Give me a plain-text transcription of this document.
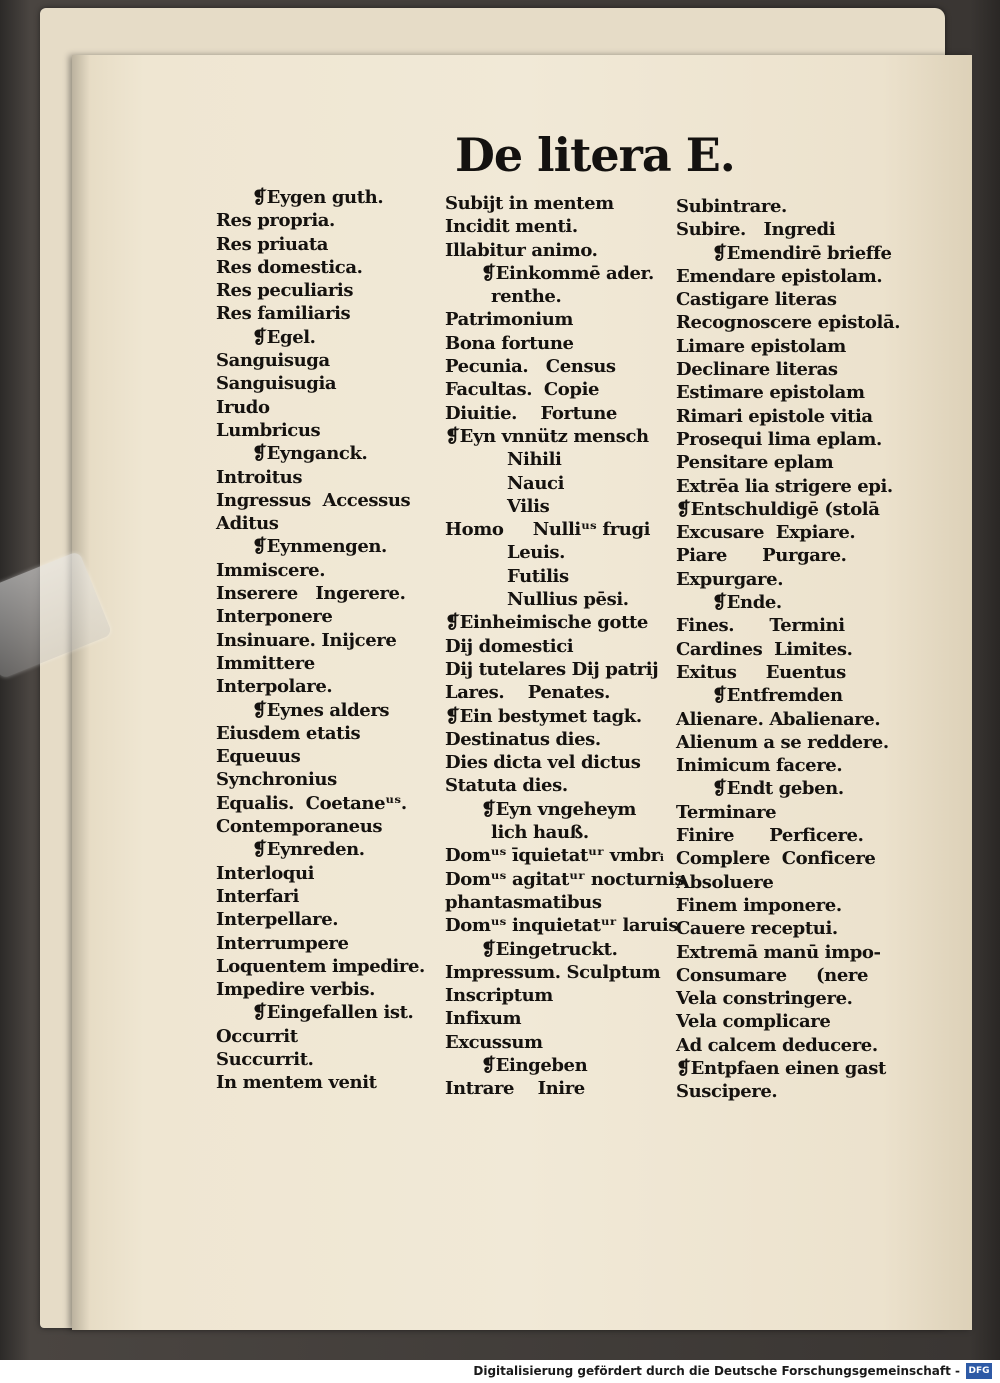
De litera E.
❡Eygen guth.
Res propria.
Res priuata
Res domestica.
Res peculiaris
Res familiaris
❡Egel.
Sanguisuga
Sanguisugia
Irudo
Lumbricus
❡Eynganck.
Introitus
Ingressus  Accessus
Aditus
❡Eynmengen.
Immiscere.
Inserere   Ingerere.
Interponere
Insinuare. Inijcere
Immittere
Interpolare.
❡Eynes alders
Eiusdem etatis
Equeuus
Synchronius
Equalis.  Coetaneᵘˢ.
Contemporaneus
❡Eynreden.
Interloqui
Interfari
Interpellare.
Interrumpere
Loquentem impedire.
Impedire verbis.
❡Eingefallen ist.
Occurrit
Succurrit.
In mentem venit
Subijt in mentem
Incidit menti.
Illabitur animo.
❡Einkommē ader.
renthe.
Patrimonium
Bona fortune
Pecunia.   Census
Facultas.  Copie
Diuitie.    Fortune
❡Eyn vnnütz mensch
Nihili
Nauci
Vilis
Homo     Nulliᵘˢ frugi
Leuis.
Futilis
Nullius pēsi.
❡Einheimische gotte
Dij domestici
Dij tutelares Dij patrij
Lares.    Penates.
❡Ein bestymet tagk.
Destinatus dies.
Dies dicta vel dictus
Statuta dies.
❡Eyn vngeheym
lich hauß.
Domᵘˢ īquietatᵘʳ vmbrᵢ
Domᵘˢ agitatᵘʳ nocturnis
phantasmatibus
Domᵘˢ inquietatᵘʳ laruis
❡Eingetruckt.
Impressum. Sculptum
Inscriptum
Infixum
Excussum
❡Eingeben
Intrare    Inire
Subintrare.
Subire.   Ingredi
❡Emendirē brieffe
Emendare epistolam.
Castigare literas
Recognoscere epistolā.
Limare epistolam
Declinare literas
Estimare epistolam
Rimari epistole vitia
Prosequi lima eplam.
Pensitare eplam
Extrēa lia strigere epi.
❡Entschuldigē (stolā
Excusare  Expiare.
Piare      Purgare.
Expurgare.
❡Ende.
Fines.      Termini
Cardines  Limites.
Exitus     Euentus
❡Entfremden
Alienare. Abalienare.
Alienum a se reddere.
Inimicum facere.
❡Endt geben.
Terminare
Finire      Perficere.
Complere  Conficere
Absoluere
Finem imponere.
Cauere receptui.
Extremā manū impo-
Consumare     (nere
Vela constringere.
Vela complicare
Ad calcem deducere.
❡Entpfaen einen gast
Suscipere.
Digitalisierung gefördert durch die Deutsche Forschungsgemeinschaft - DFG
